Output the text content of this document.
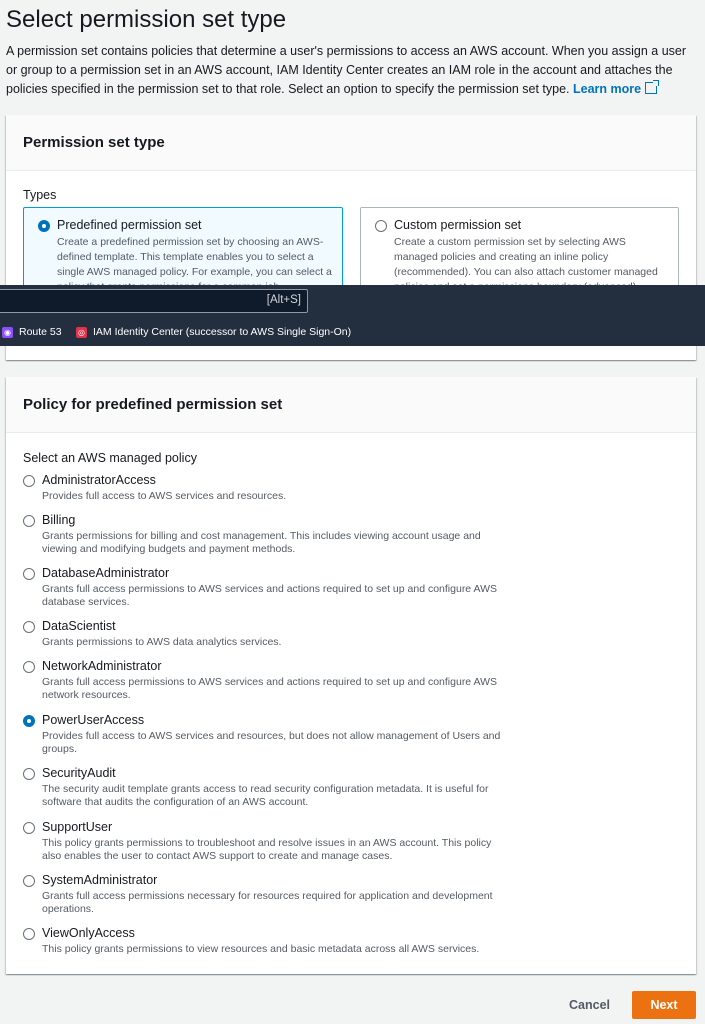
Select permission set type

A permission set contains policies that determine a user's permissions to access an AWS account. When you assign a user or group to a permission set in an AWS account, IAM Identity Center creates an IAM role in the account and attaches the policies specified in the permission set to that role. Select an option to specify the permission set type. Learn more

Permission set type
Types
Predefined permission set
Create a predefined permission set by choosing an AWS-defined template. This template enables you to select a single AWS managed policy. For example, you can select a
Custom permission set
Create a custom permission set by selecting AWS managed policies and creating an inline policy (recommended). You can also attach customer managed
[Alt+S]
◉ Route 53 ◎ IAM Identity Center (successor to AWS Single Sign-On)
Policy for predefined permission set
Select an AWS managed policy
AdministratorAccess
Provides full access to AWS services and resources.
Billing
Grants permissions for billing and cost management. This includes viewing account usage and viewing and modifying budgets and payment methods.
DatabaseAdministrator
Grants full access permissions to AWS services and actions required to set up and configure AWS database services.
DataScientist
Grants permissions to AWS data analytics services.
NetworkAdministrator
Grants full access permissions to AWS services and actions required to set up and configure AWS network resources.
PowerUserAccess
Provides full access to AWS services and resources, but does not allow management of Users and groups.
SecurityAudit
The security audit template grants access to read security configuration metadata. It is useful for software that audits the configuration of an AWS account.
SupportUser
This policy grants permissions to troubleshoot and resolve issues in an AWS account. This policy also enables the user to contact AWS support to create and manage cases.
SystemAdministrator
Grants full access permissions necessary for resources required for application and development operations.
ViewOnlyAccess
This policy grants permissions to view resources and basic metadata across all AWS services.
Cancel	Next
